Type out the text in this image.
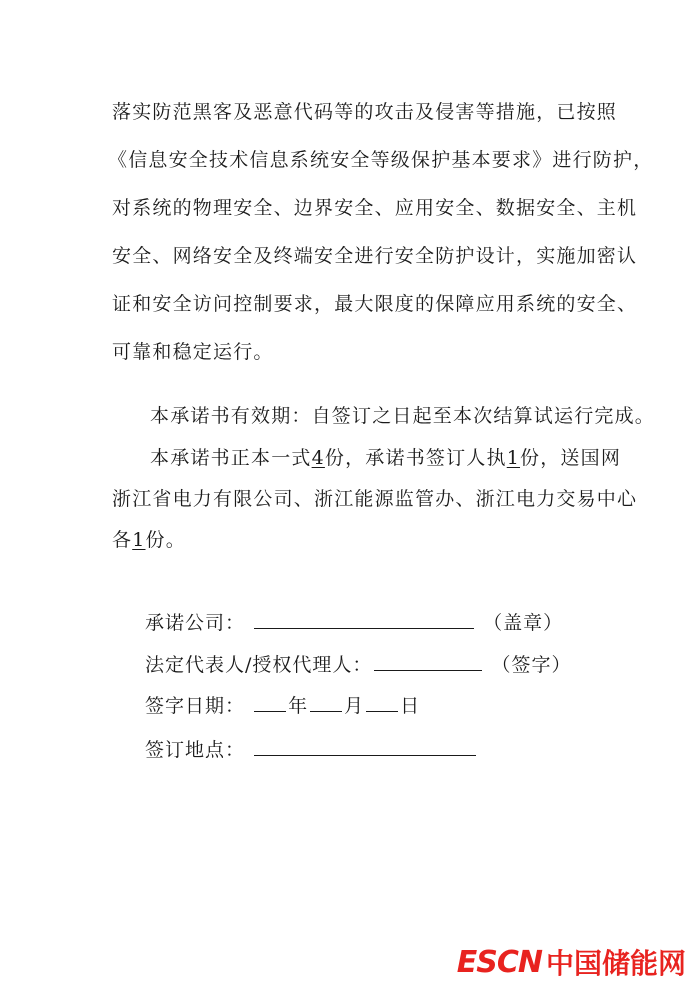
落实防范黑客及恶意代码等的攻击及侵害等措施，已按照
《信息安全技术信息系统安全等级保护基本要求》进行防护，
对系统的物理安全、边界安全、应用安全、数据安全、主机
安全、网络安全及终端安全进行安全防护设计，实施加密认
证和安全访问控制要求，最大限度的保障应用系统的安全、
可靠和稳定运行。
本承诺书有效期：自签订之日起至本次结算试运行完成。
本承诺书正本一式4份，承诺书签订人执1份，送国网
浙江省电力有限公司、浙江能源监管办、浙江电力交易中心
各1份。
承诺公司：	（盖章）
法定代表人/授权代理人：	（签字）
签字日期： 年 月 日
签订地点：
ESCN 中国储能网
